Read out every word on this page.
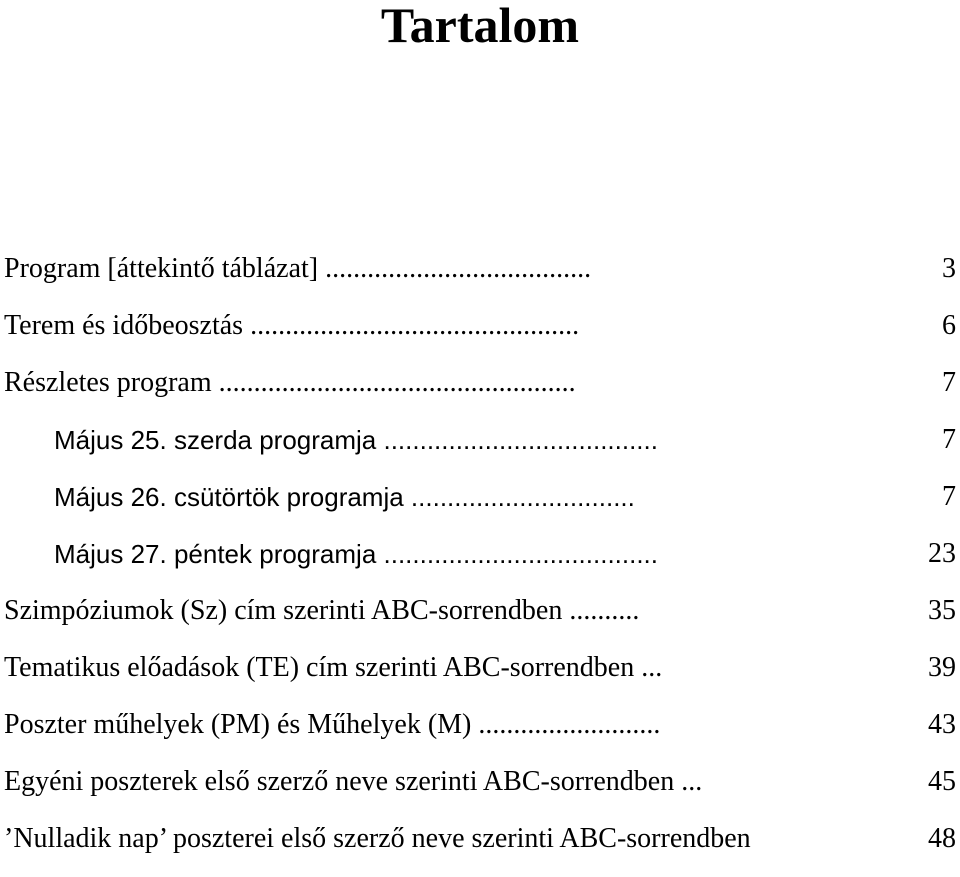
Tartalom
Program [áttekintő táblázat] ......................................	3
Terem és időbeosztás ...............................................	6
Részletes program ...................................................	7
Május 25. szerda programja ......................................	7
Május 26. csütörtök programja ...............................	7
Május 27. péntek programja ......................................	23
Szimpóziumok (Sz) cím szerinti ABC-sorrendben ..........	35
Tematikus előadások (TE) cím szerinti ABC-sorrendben ...	39
Poszter műhelyek (PM) és Műhelyek (M) ..........................	43
Egyéni poszterek első szerző neve szerinti ABC-sorrendben ...	45
’Nulladik nap’ poszterei első szerző neve szerinti ABC-sorrendben	48
